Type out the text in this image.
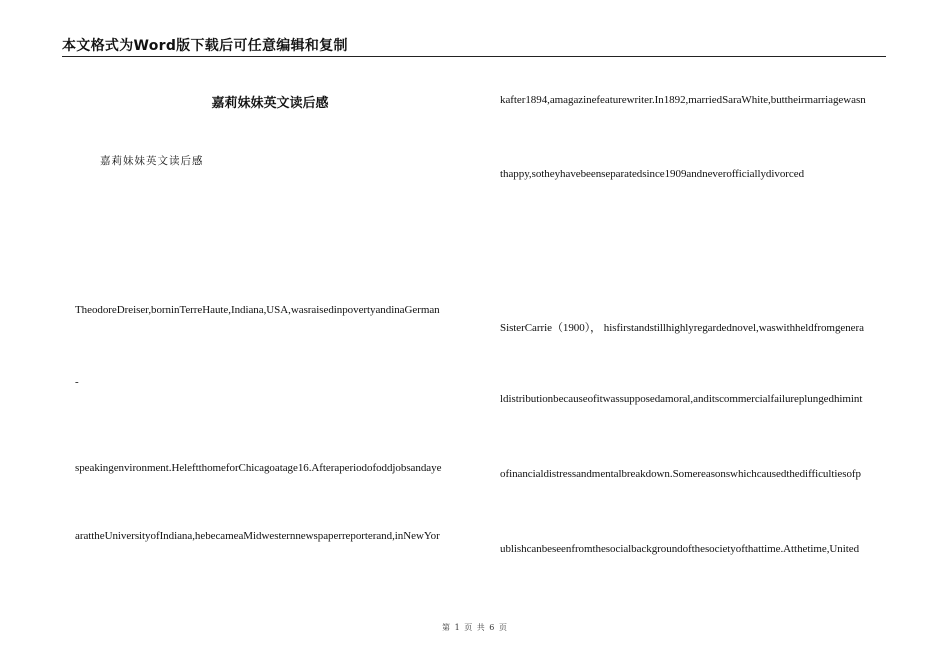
本文格式为Word版下载后可任意编辑和复制
嘉莉妹妹英文读后感
嘉莉妹妹英文读后感
TheodoreDreiser,borninTerreHaute,Indiana,USA,wasraisedinpovertyandinaGerman
-
speakingenvironment.HeleftthomeforChicagoatage16.Afteraperiodofoddjobsandaye
arattheUniversityofIndiana,hebecameaMidwesternnewspaperreporterand,inNewYor
kafter1894,amagazinefeaturewriter.In1892,marriedSaraWhite,buttheirmarriagewasn
thappy,sotheyhavebeenseparatedsince1909andneverofficiallydivorced
SisterCarrie（1900）， hisfirstandstillhighlyregardednovel,waswithheldfromgenera
ldistributionbecauseofitwassupposedamoral,anditscommercialfailureplungedhimint
ofinancialdistressandmentalbreakdown.Somereasonswhichcausedthedifficultiesofp
ublishcanbeseenfromthesocialbackgroundofthesocietyofthattime.Atthetime,United
第 1 页 共 6 页
